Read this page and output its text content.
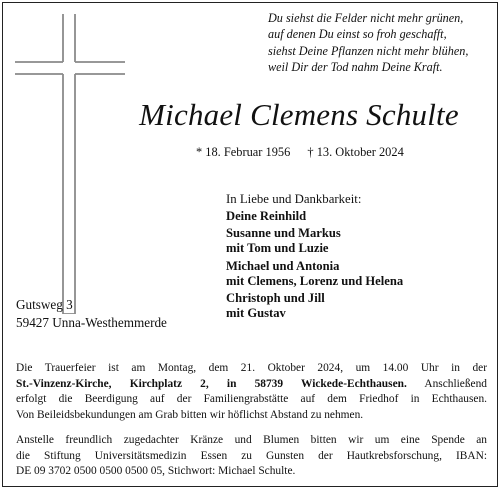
Du siehst die Felder nicht mehr grünen,
auf denen Du einst so froh geschafft,
siehst Deine Pflanzen nicht mehr blühen,
weil Dir der Tod nahm Deine Kraft.
Michael Clemens Schulte
* 18. Februar 1956 † 13. Oktober 2024
In Liebe und Dankbarkeit:
Deine Reinhild
Susanne und Markus
mit Tom und Luzie
Michael und Antonia
mit Clemens, Lorenz und Helena
Christoph und Jill
mit Gustav
Gutsweg 3
59427 Unna-Westhemmerde
Die Trauerfeier ist am Montag, dem 21. Oktober 2024, um 14.00 Uhr in der
St.-Vinzenz-Kirche, Kirchplatz 2, in 58739 Wickede-Echthausen. Anschließend
erfolgt die Beerdigung auf der Familiengrabstätte auf dem Friedhof in Echthausen.
Von Beileidsbekundungen am Grab bitten wir höflichst Abstand zu nehmen.
Anstelle freundlich zugedachter Kränze und Blumen bitten wir um eine Spende an
die Stiftung Universitätsmedizin Essen zu Gunsten der Hautkrebsforschung, IBAN:
DE 09 3702 0500 0500 0500 05, Stichwort: Michael Schulte.
